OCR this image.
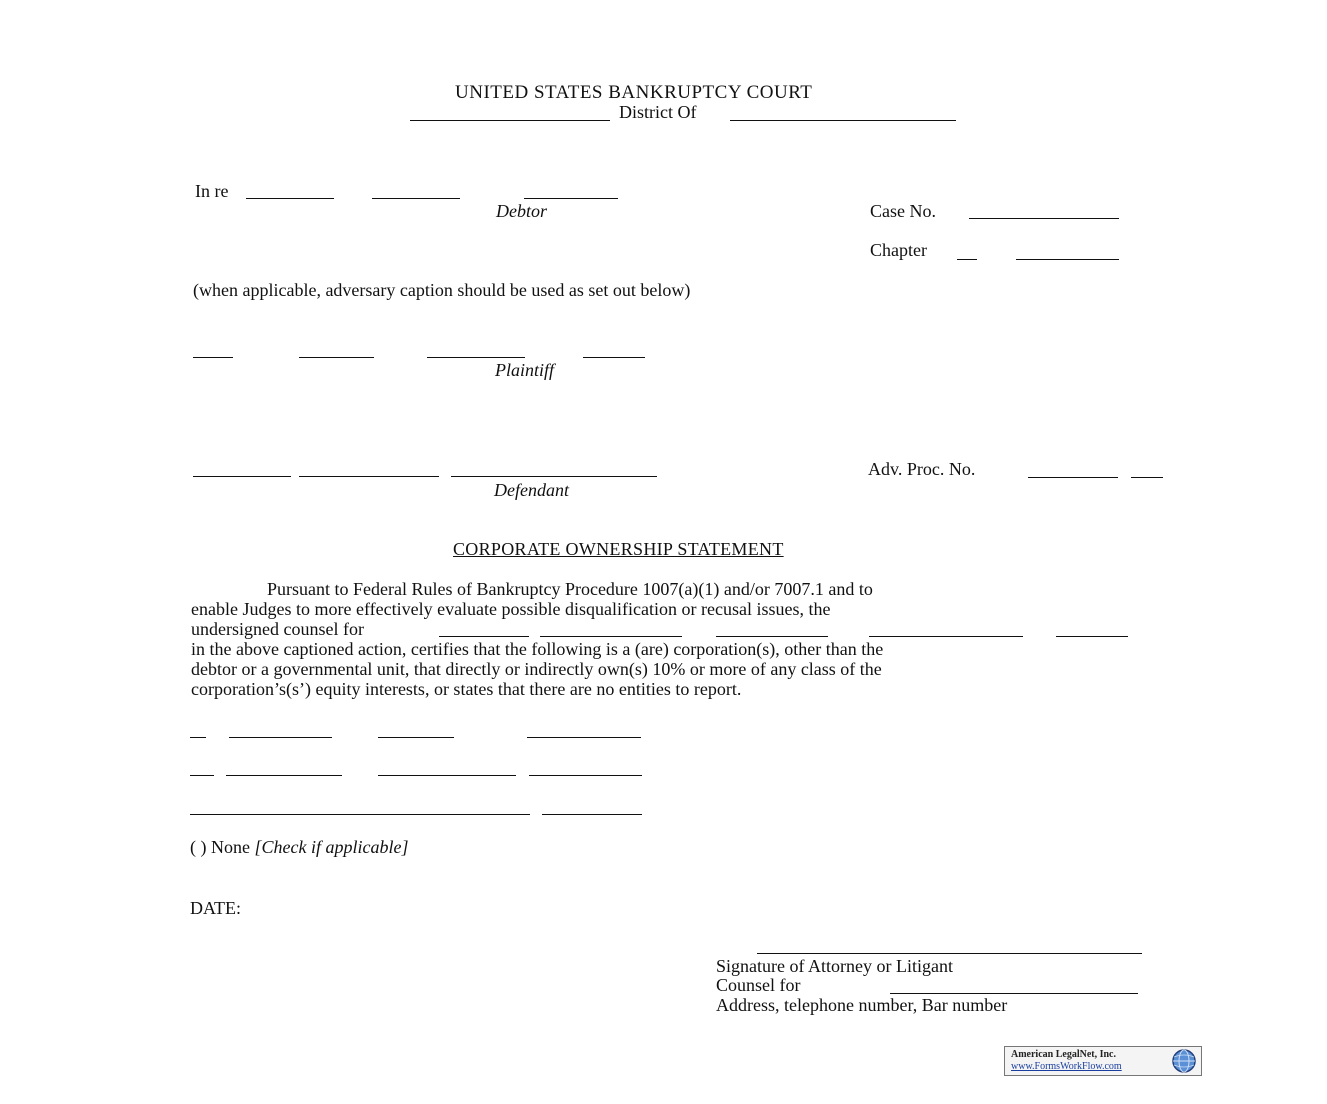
UNITED STATES BANKRUPTCY COURT
District Of
In re
Debtor	Case No.
Chapter
(when applicable, adversary caption should be used as set out below)
Plaintiff
Defendant
Adv. Proc. No.
CORPORATE OWNERSHIP STATEMENT
Pursuant to Federal Rules of Bankruptcy Procedure 1007(a)(1) and/or 7007.1 and to
enable Judges to more effectively evaluate possible disqualification or recusal issues, the
undersigned counsel for
in the above captioned action, certifies that the following is a (are) corporation(s), other than the
debtor or a governmental unit, that directly or indirectly own(s) 10% or more of any class of the
corporation’s(s’) equity interests, or states that there are no entities to report.
( ) None [Check if applicable]
DATE:
Signature of Attorney or Litigant
Counsel for
Address, telephone number, Bar number
American LegalNet, Inc.
www.FormsWorkFlow.com
